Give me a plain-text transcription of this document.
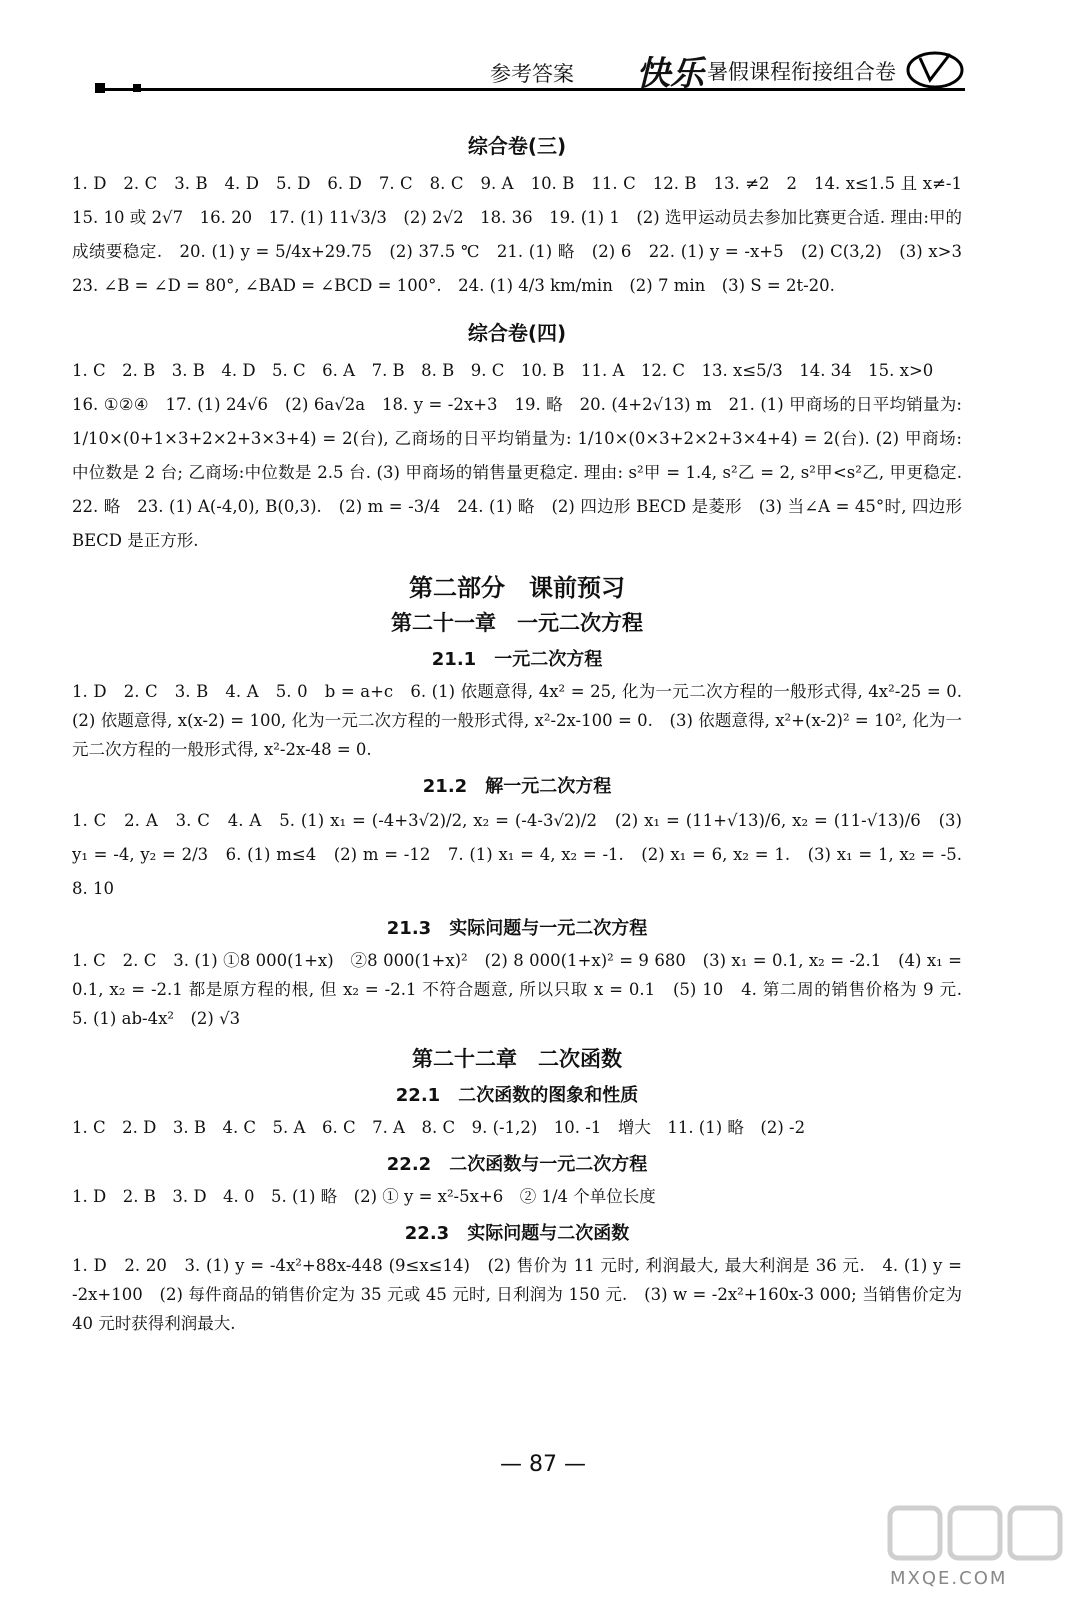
参考答案 快乐 暑假课程衔接组合卷
综合卷(三)

1. D　2. C　3. B　4. D　5. D　6. D　7. C　8. C　9. A　10. B　11. C　12. B　13. ≠2　2　14. x≤1.5 且 x≠-1　15. 10 或 2√7　16. 20　17. (1) 11√3/3　(2) 2√2　18. 36　19. (1) 1　(2) 选甲运动员去参加比赛更合适. 理由:甲的成绩要稳定.　20. (1) y = 5/4x+29.75　(2) 37.5 ℃　21. (1) 略　(2) 6　22. (1) y = -x+5　(2) C(3,2)　(3) x>3　23. ∠B = ∠D = 80°, ∠BAD = ∠BCD = 100°.　24. (1) 4/3 km/min　(2) 7 min　(3) S = 2t-20.

综合卷(四)

1. C　2. B　3. B　4. D　5. C　6. A　7. B　8. B　9. C　10. B　11. A　12. C　13. x≤5/3　14. 34　15. x>0

16. ①②④　17. (1) 24√6　(2) 6a√2a　18. y = -2x+3　19. 略　20. (4+2√13) m　21. (1) 甲商场的日平均销量为: 1/10×(0+1×3+2×2+3×3+4) = 2(台), 乙商场的日平均销量为: 1/10×(0×3+2×2+3×4+4) = 2(台). (2) 甲商场:中位数是 2 台; 乙商场:中位数是 2.5 台. (3) 甲商场的销售量更稳定. 理由: s²甲 = 1.4, s²乙 = 2, s²甲<s²乙, 甲更稳定.　22. 略　23. (1) A(-4,0), B(0,3).　(2) m = -3/4　24. (1) 略　(2) 四边形 BECD 是菱形　(3) 当∠A = 45°时, 四边形 BECD 是正方形.

第二部分　课前预习
第二十一章　一元二次方程
21.1　一元二次方程

1. D　2. C　3. B　4. A　5. 0　b = a+c　6. (1) 依题意得, 4x² = 25, 化为一元二次方程的一般形式得, 4x²-25 = 0.　(2) 依题意得, x(x-2) = 100, 化为一元二次方程的一般形式得, x²-2x-100 = 0.　(3) 依题意得, x²+(x-2)² = 10², 化为一元二次方程的一般形式得, x²-2x-48 = 0.

21.2　解一元二次方程

1. C　2. A　3. C　4. A　5. (1) x₁ = (-4+3√2)/2, x₂ = (-4-3√2)/2　(2) x₁ = (11+√13)/6, x₂ = (11-√13)/6　(3) y₁ = -4, y₂ = 2/3　6. (1) m≤4　(2) m = -12　7. (1) x₁ = 4, x₂ = -1.　(2) x₁ = 6, x₂ = 1.　(3) x₁ = 1, x₂ = -5.　8. 10

21.3　实际问题与一元二次方程

1. C　2. C　3. (1) ①8 000(1+x)　②8 000(1+x)²　(2) 8 000(1+x)² = 9 680　(3) x₁ = 0.1, x₂ = -2.1　(4) x₁ = 0.1, x₂ = -2.1 都是原方程的根, 但 x₂ = -2.1 不符合题意, 所以只取 x = 0.1　(5) 10　4. 第二周的销售价格为 9 元.　5. (1) ab-4x²　(2) √3

第二十二章　二次函数
22.1　二次函数的图象和性质

1. C　2. D　3. B　4. C　5. A　6. C　7. A　8. C　9. (-1,2)　10. -1　增大　11. (1) 略　(2) -2

22.2　二次函数与一元二次方程

1. D　2. B　3. D　4. 0　5. (1) 略　(2) ① y = x²-5x+6　② 1/4 个单位长度

22.3　实际问题与二次函数

1. D　2. 20　3. (1) y = -4x²+88x-448 (9≤x≤14)　(2) 售价为 11 元时, 利润最大, 最大利润是 36 元.　4. (1) y = -2x+100　(2) 每件商品的销售价定为 35 元或 45 元时, 日利润为 150 元.　(3) w = -2x²+160x-3 000; 当销售价定为 40 元时获得利润最大.

— 87 —
MXQE.COM
